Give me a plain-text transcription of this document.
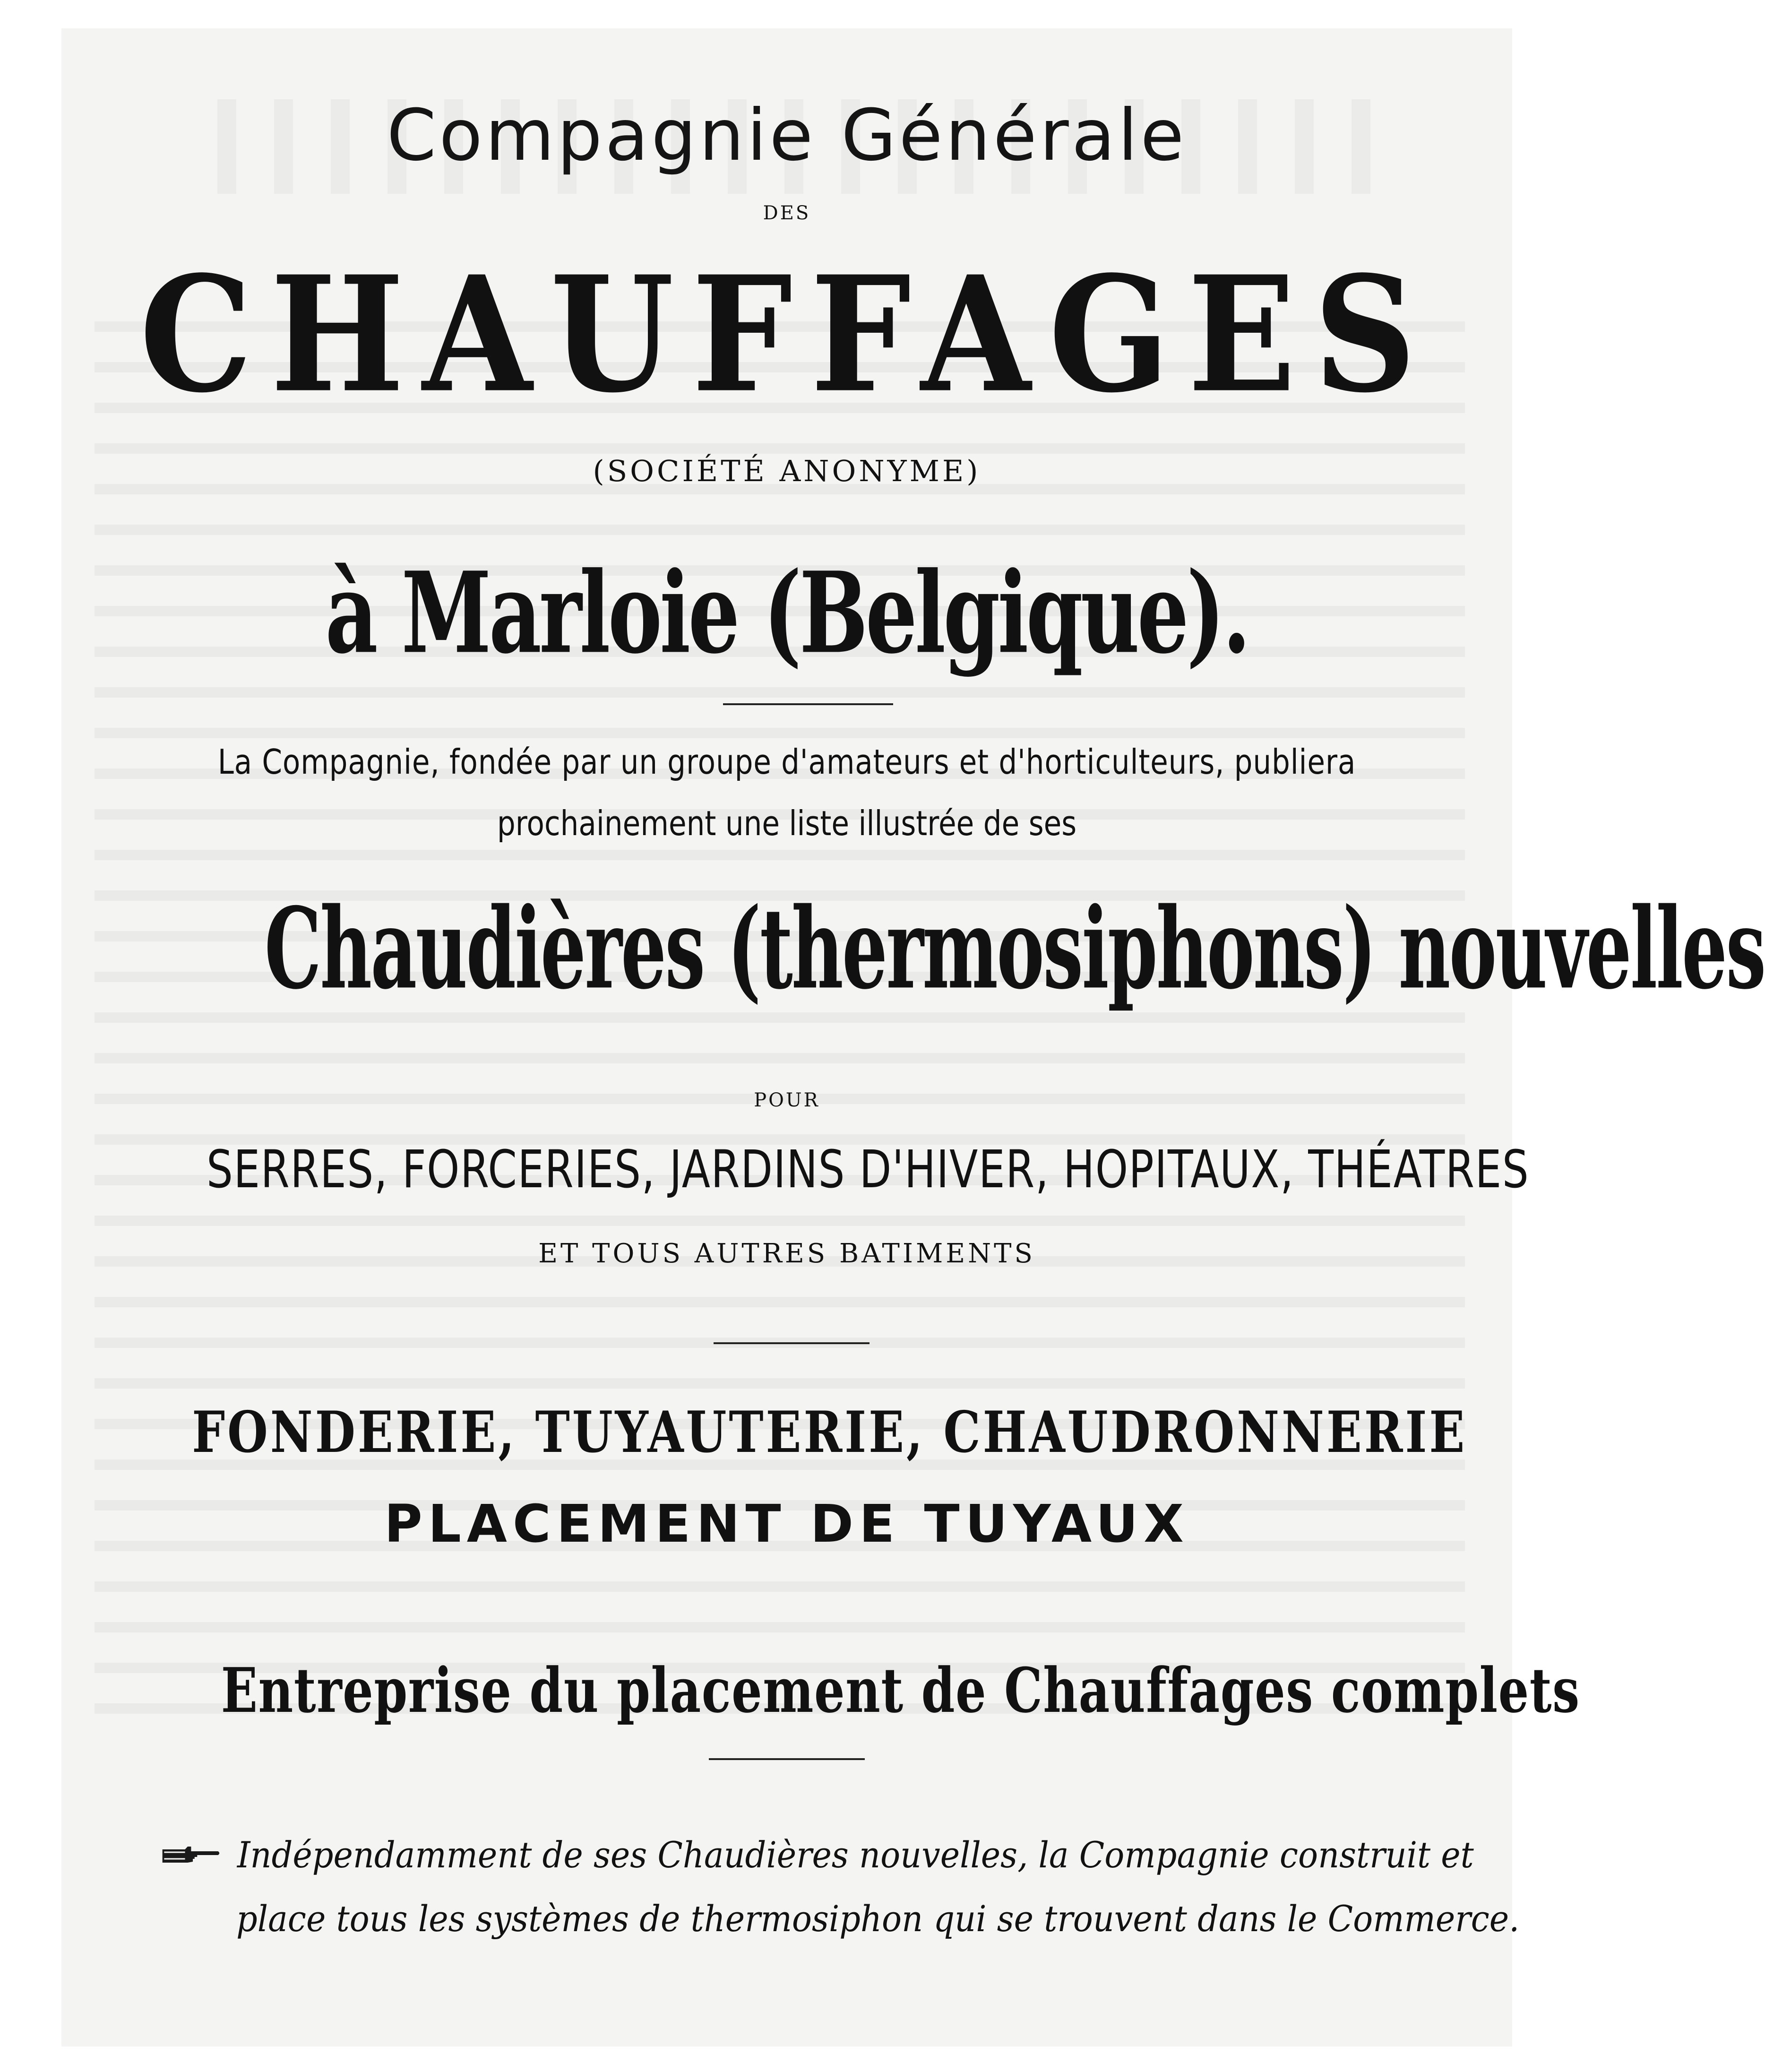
Compagnie Générale
DES
CHAUFFAGES
(SOCIÉTÉ ANONYME)
à Marloie (Belgique).
La Compagnie, fondée par un groupe d'amateurs et d'horticulteurs, publiera
prochainement une liste illustrée de ses
Chaudières (thermosiphons) nouvelles
POUR
SERRES, FORCERIES, JARDINS D'HIVER, HOPITAUX, THÉATRES
ET TOUS AUTRES BATIMENTS
FONDERIE, TUYAUTERIE, CHAUDRONNERIE
PLACEMENT DE TUYAUX
Entreprise du placement de Chauffages complets
Indépendamment de ses Chaudières nouvelles, la Compagnie construit et
place tous les systèmes de thermosiphon qui se trouvent dans le Commerce.
